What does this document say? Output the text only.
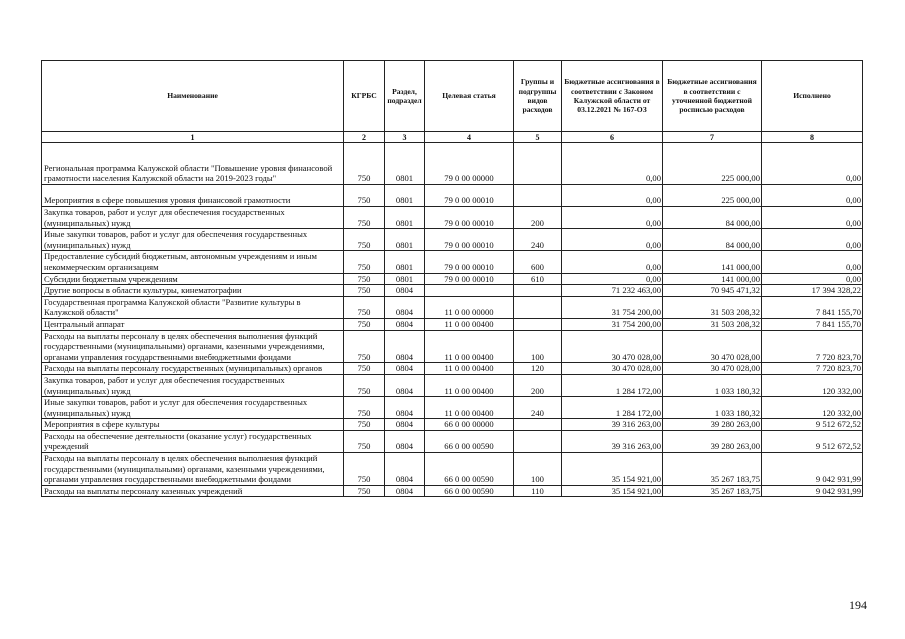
Наименование	КГРБС	Раздел, подраздел	Целевая статья	Группы и подгруппы видов расходов	Бюджетные ассигнования в соответствии с Законом Калужской области от 03.12.2021 № 167-ОЗ	Бюджетные ассигнования в соответствии с уточненной бюджетной росписью расходов	Исполнено
1	2	3	4	5	6	7	8
Региональная программа Калужской области "Повышение уровня финансовой грамотности населения Калужской области на 2019-2023 годы"	750	0801	79 0 00 00000		0,00	225 000,00	0,00
Мероприятия в сфере повышения уровня финансовой грамотности	750	0801	79 0 00 00010		0,00	225 000,00	0,00
Закупка товаров, работ и услуг для обеспечения государственных (муниципальных) нужд	750	0801	79 0 00 00010	200	0,00	84 000,00	0,00
Иные закупки товаров, работ и услуг для обеспечения государственных (муниципальных) нужд	750	0801	79 0 00 00010	240	0,00	84 000,00	0,00
Предоставление субсидий бюджетным, автономным учреждениям и иным некоммерческим организациям	750	0801	79 0 00 00010	600	0,00	141 000,00	0,00
Субсидии бюджетным учреждениям	750	0801	79 0 00 00010	610	0,00	141 000,00	0,00
Другие вопросы в области культуры, кинематографии	750	0804			71 232 463,00	70 945 471,32	17 394 328,22
Государственная программа Калужской области "Развитие культуры в Калужской области"	750	0804	11 0 00 00000		31 754 200,00	31 503 208,32	7 841 155,70
Центральный аппарат	750	0804	11 0 00 00400		31 754 200,00	31 503 208,32	7 841 155,70
Расходы на выплаты персоналу в целях обеспечения выполнения функций государственными (муниципальными) органами, казенными учреждениями, органами управления государственными внебюджетными фондами	750	0804	11 0 00 00400	100	30 470 028,00	30 470 028,00	7 720 823,70
Расходы на выплаты персоналу государственных (муниципальных) органов	750	0804	11 0 00 00400	120	30 470 028,00	30 470 028,00	7 720 823,70
Закупка товаров, работ и услуг для обеспечения государственных (муниципальных) нужд	750	0804	11 0 00 00400	200	1 284 172,00	1 033 180,32	120 332,00
Иные закупки товаров, работ и услуг для обеспечения государственных (муниципальных) нужд	750	0804	11 0 00 00400	240	1 284 172,00	1 033 180,32	120 332,00
Мероприятия в сфере культуры	750	0804	66 0 00 00000		39 316 263,00	39 280 263,00	9 512 672,52
Расходы на обеспечение деятельности (оказание услуг) государственных учреждений	750	0804	66 0 00 00590		39 316 263,00	39 280 263,00	9 512 672,52
Расходы на выплаты персоналу в целях обеспечения выполнения функций государственными (муниципальными) органами, казенными учреждениями, органами управления государственными внебюджетными фондами	750	0804	66 0 00 00590	100	35 154 921,00	35 267 183,75	9 042 931,99
Расходы на выплаты персоналу казенных учреждений	750	0804	66 0 00 00590	110	35 154 921,00	35 267 183,75	9 042 931,99
194
